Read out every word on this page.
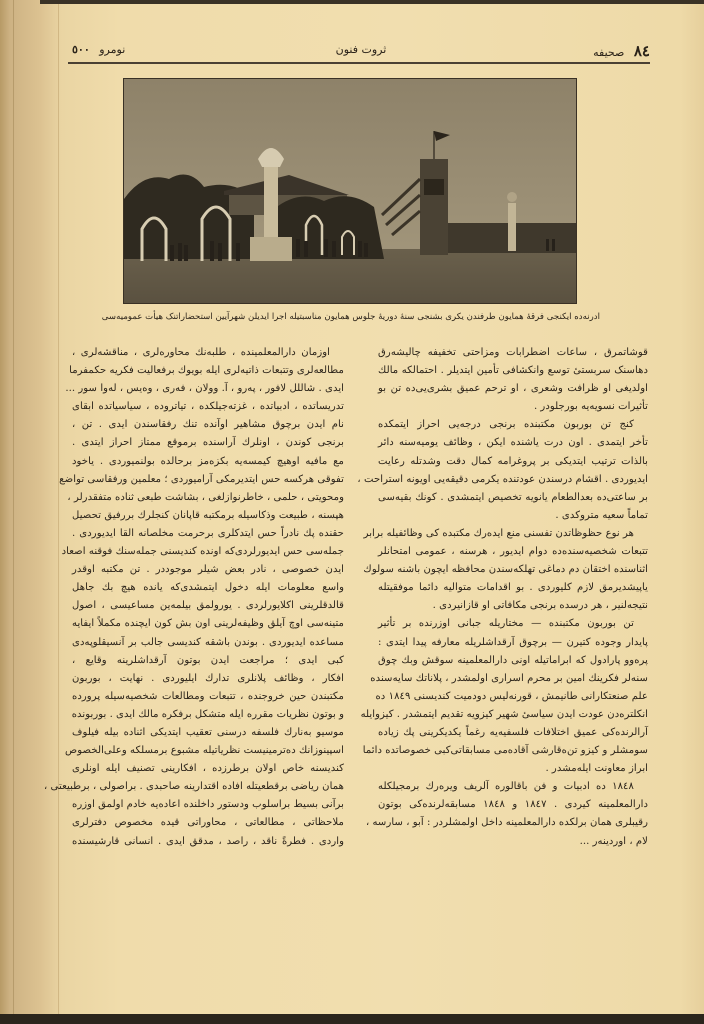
٨٤ صحيفه
ثروت فنون
نومرو ٥٠٠
ادرنه‌ده ایکنجی فرقهٔ همایون طرفندن یکری بشنجی سنهٔ دوریهٔ جلوس همایون مناسبتیله اجرا ایدیلن شهرآیین استحضاراتنک هیأت عمومیه‌سی
قوشاتمرق ، ساعات اضطرابات ومزاحتی تخفیفه چالیشه‌رق
دهاسنک سربستیٔ توسع وانکشافی تأمین ایتدیلر . احتمالکه مالك
اولدیغی او ظرافت وشعری ، او ترحم عمیق بشری‌یی‌ده تن بو
تأثیرات نسویه‌یه بورجلودر .
کنج تن بوربون مکتبنده برنجی درجه‌یی احراز ایتمکده
تأخر ایتمدی . اون درت یاشنده ایکن ، وظائف یومیه‌سنه دائر
بالذات ترتیب ایتدیکی بر پروغرامه کمال دقت وشدتله رعایت
ایدیوردی . اقشام درسندن عودتنده یکرمی دقیقه‌یی اویونه استراحت ،
بر ساعتی‌ده بعدالطعام یانویه تخصیص ایتمشدی . کونك بقیه‌سی
تماماً سعیه متروکدی .
هر نوع حظوظاتدن تفسنی منع ایده‌رك مکتبده کی وظائفیله برابر
تتبعات شخصیه‌سنده‌ده دوام ایدیور ، هرسنه ، عمومی امتحانلر
اثناسنده اختقان دم دماغی تهلکه‌سندن محافظه ایچون باشنه سولوك
یاپیشدیرمق لازم کلیوردی . بو اقدامات متوالیه دائما موفقیتله
نتیجه‌لنیر ، هر درسده برنجی مکافاتی او قازانیردی .
تن بوربون مکتبنده — مختاریله جبانی اوزرنده بر تأثیر
پایدار وجوده کتیرن — برچوق آرقداشلریله معارفه پیدا ایتدی :
پرەوو پارادول که ابراماتیله اونی دارالمعلمینه سوقش وبك چوق
سنەلر فکرینك امین بر محرم اسراری اولمشدر ، پلاناتك سایه‌سنده
علم صنعتکارانی طانیمش ، قورنەلیس دودمیت کندیسنی ١٨٤٩ ده
انکلتره‌دن عودت ایدن سیاسی‌ٔ شهیر کیزویه تقدیم ایتمشدر . کیزوایله
آرالرنده‌کی عمیق اختلافات فلسفیه‌یه رغماً یکدیکرینی پك زیاده
سومشلر و کیزو تن‌ه‌قارشی آقادەمی مسابقاتی‌کبی خصوصاتده دائما
ابراز معاونت ایلەمشدر .
١٨٤٨ ده ادبیات و فن باقالوره آلریف ویره‌رك برمجیلکله
دارالمعلمینه کیردی . ١٨٤٧ و ١٨٤٨ مسابقه‌لرنده‌کی بوتون
رقیبلری همان برلکده دارالمعلمینه داخل اولمشلردر : آبو ، سارسه ،
لام ، اوردینەر ...
اوزمان دارالمعلمینده ، طلبه‌نك محاوره‌لری ، مناقشه‌لری ،
مطالعه‌لری وتتبعات ذاتیه‌لری ایله بویوك برفعالیت فکریه حکمفرما
ایدی . شاللل لافور ، پەرو ، آ. وولان ، فەری ، وەیس ، لەوا سور ...
تدریساتده ، ادبیاتده ، غزته‌جیلکده ، تیاتروده ، سیاسیاتده ابقای
نام ایدن برچوق مشاهیر اوآنده تنك رفقاسندن ایدی . تن ،
برنجی کوندن ، اونلرك آراسنده برموقع ممتاز احراز ایتدی .
مع مافیه اوهیچ کیمسه‌یه بکزه‌مز برحالده بولنمیوردی . یاخود
تفوقی هرکسه حس ایتدیرمکی آرامیوردی ؛ معلمین ورفقاسی تواضع
ومحویتی ، حلمی ، خاطرنوازلغی ، بشاشت طبعی ثناده متفقدرلر ،
هپسنه ، طبیعت وذکاسیله برمکتبه قاپانان کنجلرك بررفیق تحصیل
حقنده پك نادراً حس ایتدکلری برحرمت مخلصانه القا ایدیوردی .
جمله‌سی حس ایدیورلردی‌که اونده کندیسنی جمله‌سنك فوقنه اصعاد
ایدن خصوصی ، نادر بعض شیلر موجوددر . تن مکتبه اوقدر
واسع معلومات ایله دخول ایتمشدی‌که یانده هیچ‌ بك جاهل
قالدقلرینی اکلایورلردی . یورولمق بیلمه‌ین مساعیسی ، اصول
متینه‌سی اوچ آیلق وظیفه‌لرینی اون بش کون ایچنده مکملاً ایفایه
مساعده ایدیوردی . بوندن باشقه کندیسی جالب بر آنسیقلوپه‌دی
کبی ایدی ؛ مراجعت ایدن بوتون آرقداشلرینه وقایع ،
افکار ، وظائف پلانلری تدارك ایلیوردی . نهایت ، بوربون
مکتبندن حین خروجنده ، تتبعات ومطالعات شخصیه‌سیله پرورده
و بوتون نظریات مقرره ایله متشکل برفکره مالك ایدی . بوربونده
موسیو بەنارك فلسفه درسنی تعقیب ایتدیکی اثناده بیله فیلوف
اسپینوزانك دەترمینیست نظریاتیله مشبوع برمسلکه وعلی‌الخصوص
کندیسنه خاص اولان برطرزده ، افکارینی تصنیف ایله اونلری
همان ریاضی برقطعیتله افاده اقتدارینه صاحبدی . براصولی ، برطبیعتی ،
برآنی بسیط براسلوب ودستور داخلنده اعادەیه خادم اولمق اوزره
ملاحظاتی ، مطالعاتی ، محاوراتی قیده مخصوص دفترلری
واردی . فطرةً ناقد ، راصد ، مدقق ایدی . انسانی قارشیسنده
